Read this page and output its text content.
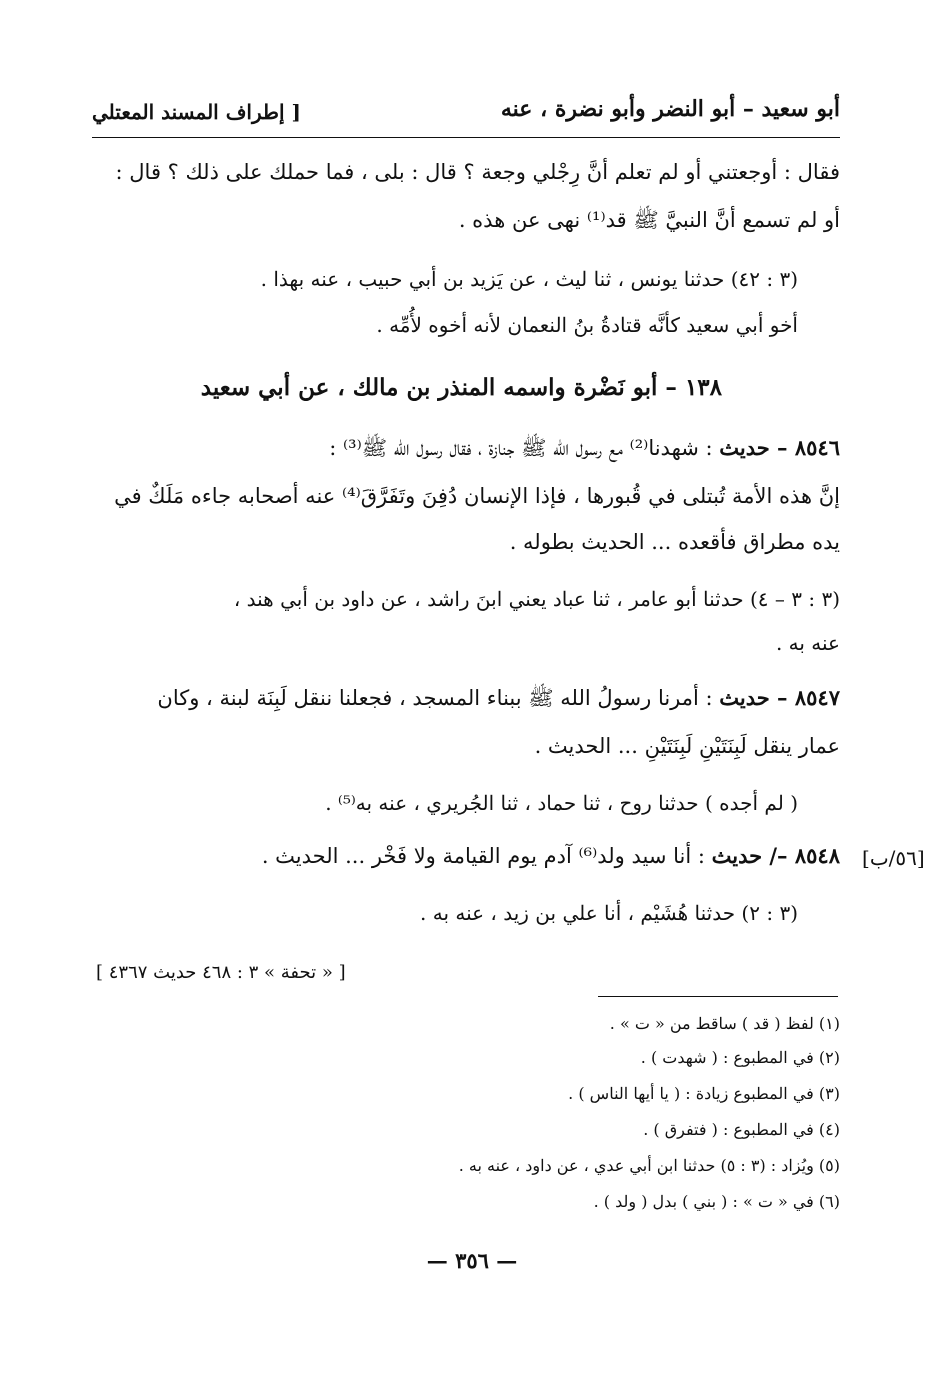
أبو سعيد – أبو النضر وأبو نضرة ، عنه
[ إطراف المسند المعتلي
فقال : أوجعتني أو لم تعلم أنَّ رِجْلي وجعة ؟ قال : بلى ، فما حملك على ذلك ؟ قال :
أو لم تسمع أنَّ النبيَّ ﷺ قد⁽¹⁾ نهى عن هذه .
(٣ : ٤٢) حدثنا يونس ، ثنا ليث ، عن يَزيد بن أبي حبيب ، عنه بهذا .
أخو أبي سعيد كأنَّه قتادةُ بنُ النعمان لأنه أخوه لأُمِّه .
١٣٨ – أبو نَضْرة واسمه المنذر بن مالك ، عن أبي سعيد
٨٥٤٦ – حديث : شهدنا⁽²⁾ مع رسول الله ﷺ جنازة ، فقال رسول الله ﷺ⁽³⁾ :
إنَّ هذه الأمة تُبتلى في قُبورها ، فإذا الإنسان دُفِنَ وتَفَرَّقَ⁽⁴⁾ عنه أصحابه جاءه مَلَكٌ في
يده مطراق فأقعده ... الحديث بطوله .
(٣ : ٣ – ٤) حدثنا أبو عامر ، ثنا عباد يعني ابنَ راشد ، عن داود بن أبي هند ،
عنه به .
٨٥٤٧ – حديث : أمرنا رسولُ الله ﷺ ببناء المسجد ، فجعلنا ننقل لَبِنَة لبنة ، وكان
عمار ينقل لَبِنَتَيْنِ لَبِنَتَيْنِ ... الحديث .
( لم أجده ) حدثنا روح ، ثنا حماد ، ثنا الجُريري ، عنه به⁽⁵⁾ .
[٥٦/ب]
٨٥٤٨ –/ حديث : أنا سيد ولد⁽⁶⁾ آدم يوم القيامة ولا فَخْر ... الحديث .
(٣ : ٢) حدثنا هُشَيْم ، أنا علي بن زيد ، عنه به .
[ « تحفة » ٣ : ٤٦٨ حديث ٤٣٦٧ ]
(١) لفظ ( قد ) ساقط من « ت » .
(٢) في المطبوع : ( شهدت ) .
(٣) في المطبوع زيادة : ( يا أيها الناس ) .
(٤) في المطبوع : ( فتفرق ) .
(٥) ويُزاد : (٣ : ٥) حدثنا ابن أبي عدي ، عن داود ، عنه به .
(٦) في « ت » : ( بني ) بدل ( ولد ) .
— ٣٥٦ —
